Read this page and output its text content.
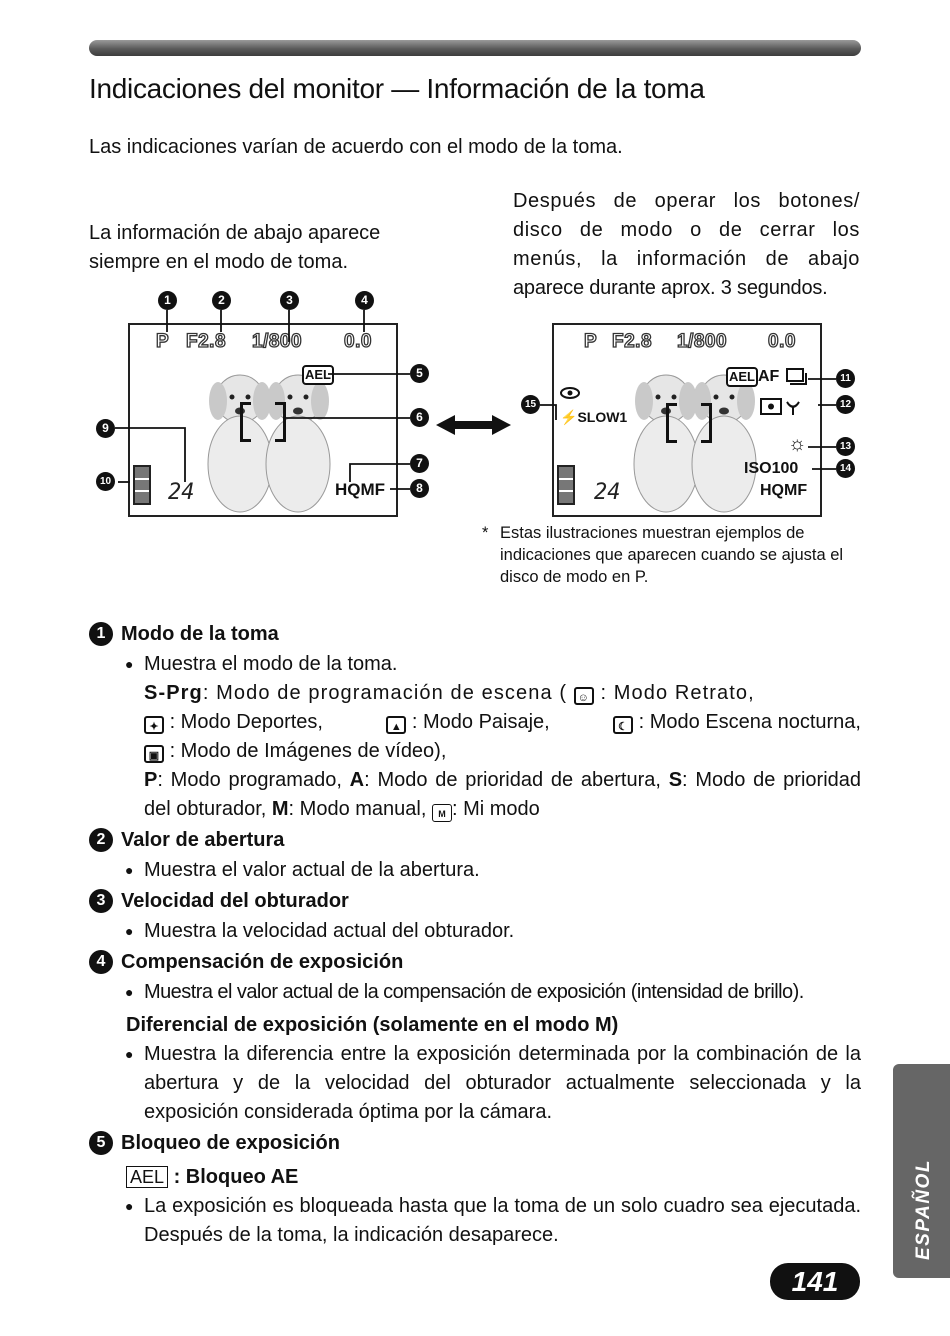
Indicaciones del monitor — Información de la toma
Las indicaciones varían de acuerdo con el modo de la toma.
La información de abajo aparece siempre en el modo de toma.
Después de operar los botones/ disco de modo o de cerrar los menús, la información de abajo aparece durante aprox. 3 segundos.
P F2.8 1/800 0.0
AEL
24	HQMF
P F2.8 1/800 0.0
AEL AF
⚡SLOW1
☼
ISO100
24	HQMF
1	2	3	4
5
6
7
8
9
10
11
12
13
14
15
* Estas ilustraciones muestran ejemplos de indicaciones que aparecen cuando se ajusta el disco de modo en P.
1 Modo de la toma
● Muestra el modo de la toma.
S-Prg: Modo de programación de escena ( ☺ : Modo Retrato,
✦ : Modo Deportes,	▲ : Modo Paisaje,	☾ : Modo Escena nocturna,
▣ : Modo de Imágenes de vídeo),
P: Modo programado, A: Modo de prioridad de abertura, S: Modo de prioridad del obturador, M: Modo manual, M : Mi modo
2 Valor de abertura
● Muestra el valor actual de la abertura.
3 Velocidad del obturador
● Muestra la velocidad actual del obturador.
4 Compensación de exposición
● Muestra el valor actual de la compensación de exposición (intensidad de brillo).
Diferencial de exposición (solamente en el modo M)
● Muestra la diferencia entre la exposición determinada por la combinación de la abertura y de la velocidad del obturador actualmente seleccionada y la exposición considerada óptima por la cámara.
5 Bloqueo de exposición
AEL : Bloqueo AE
● La exposición es bloqueada hasta que la toma de un solo cuadro sea ejecutada. Después de la toma, la indicación desaparece.	ESPAÑOL
141
